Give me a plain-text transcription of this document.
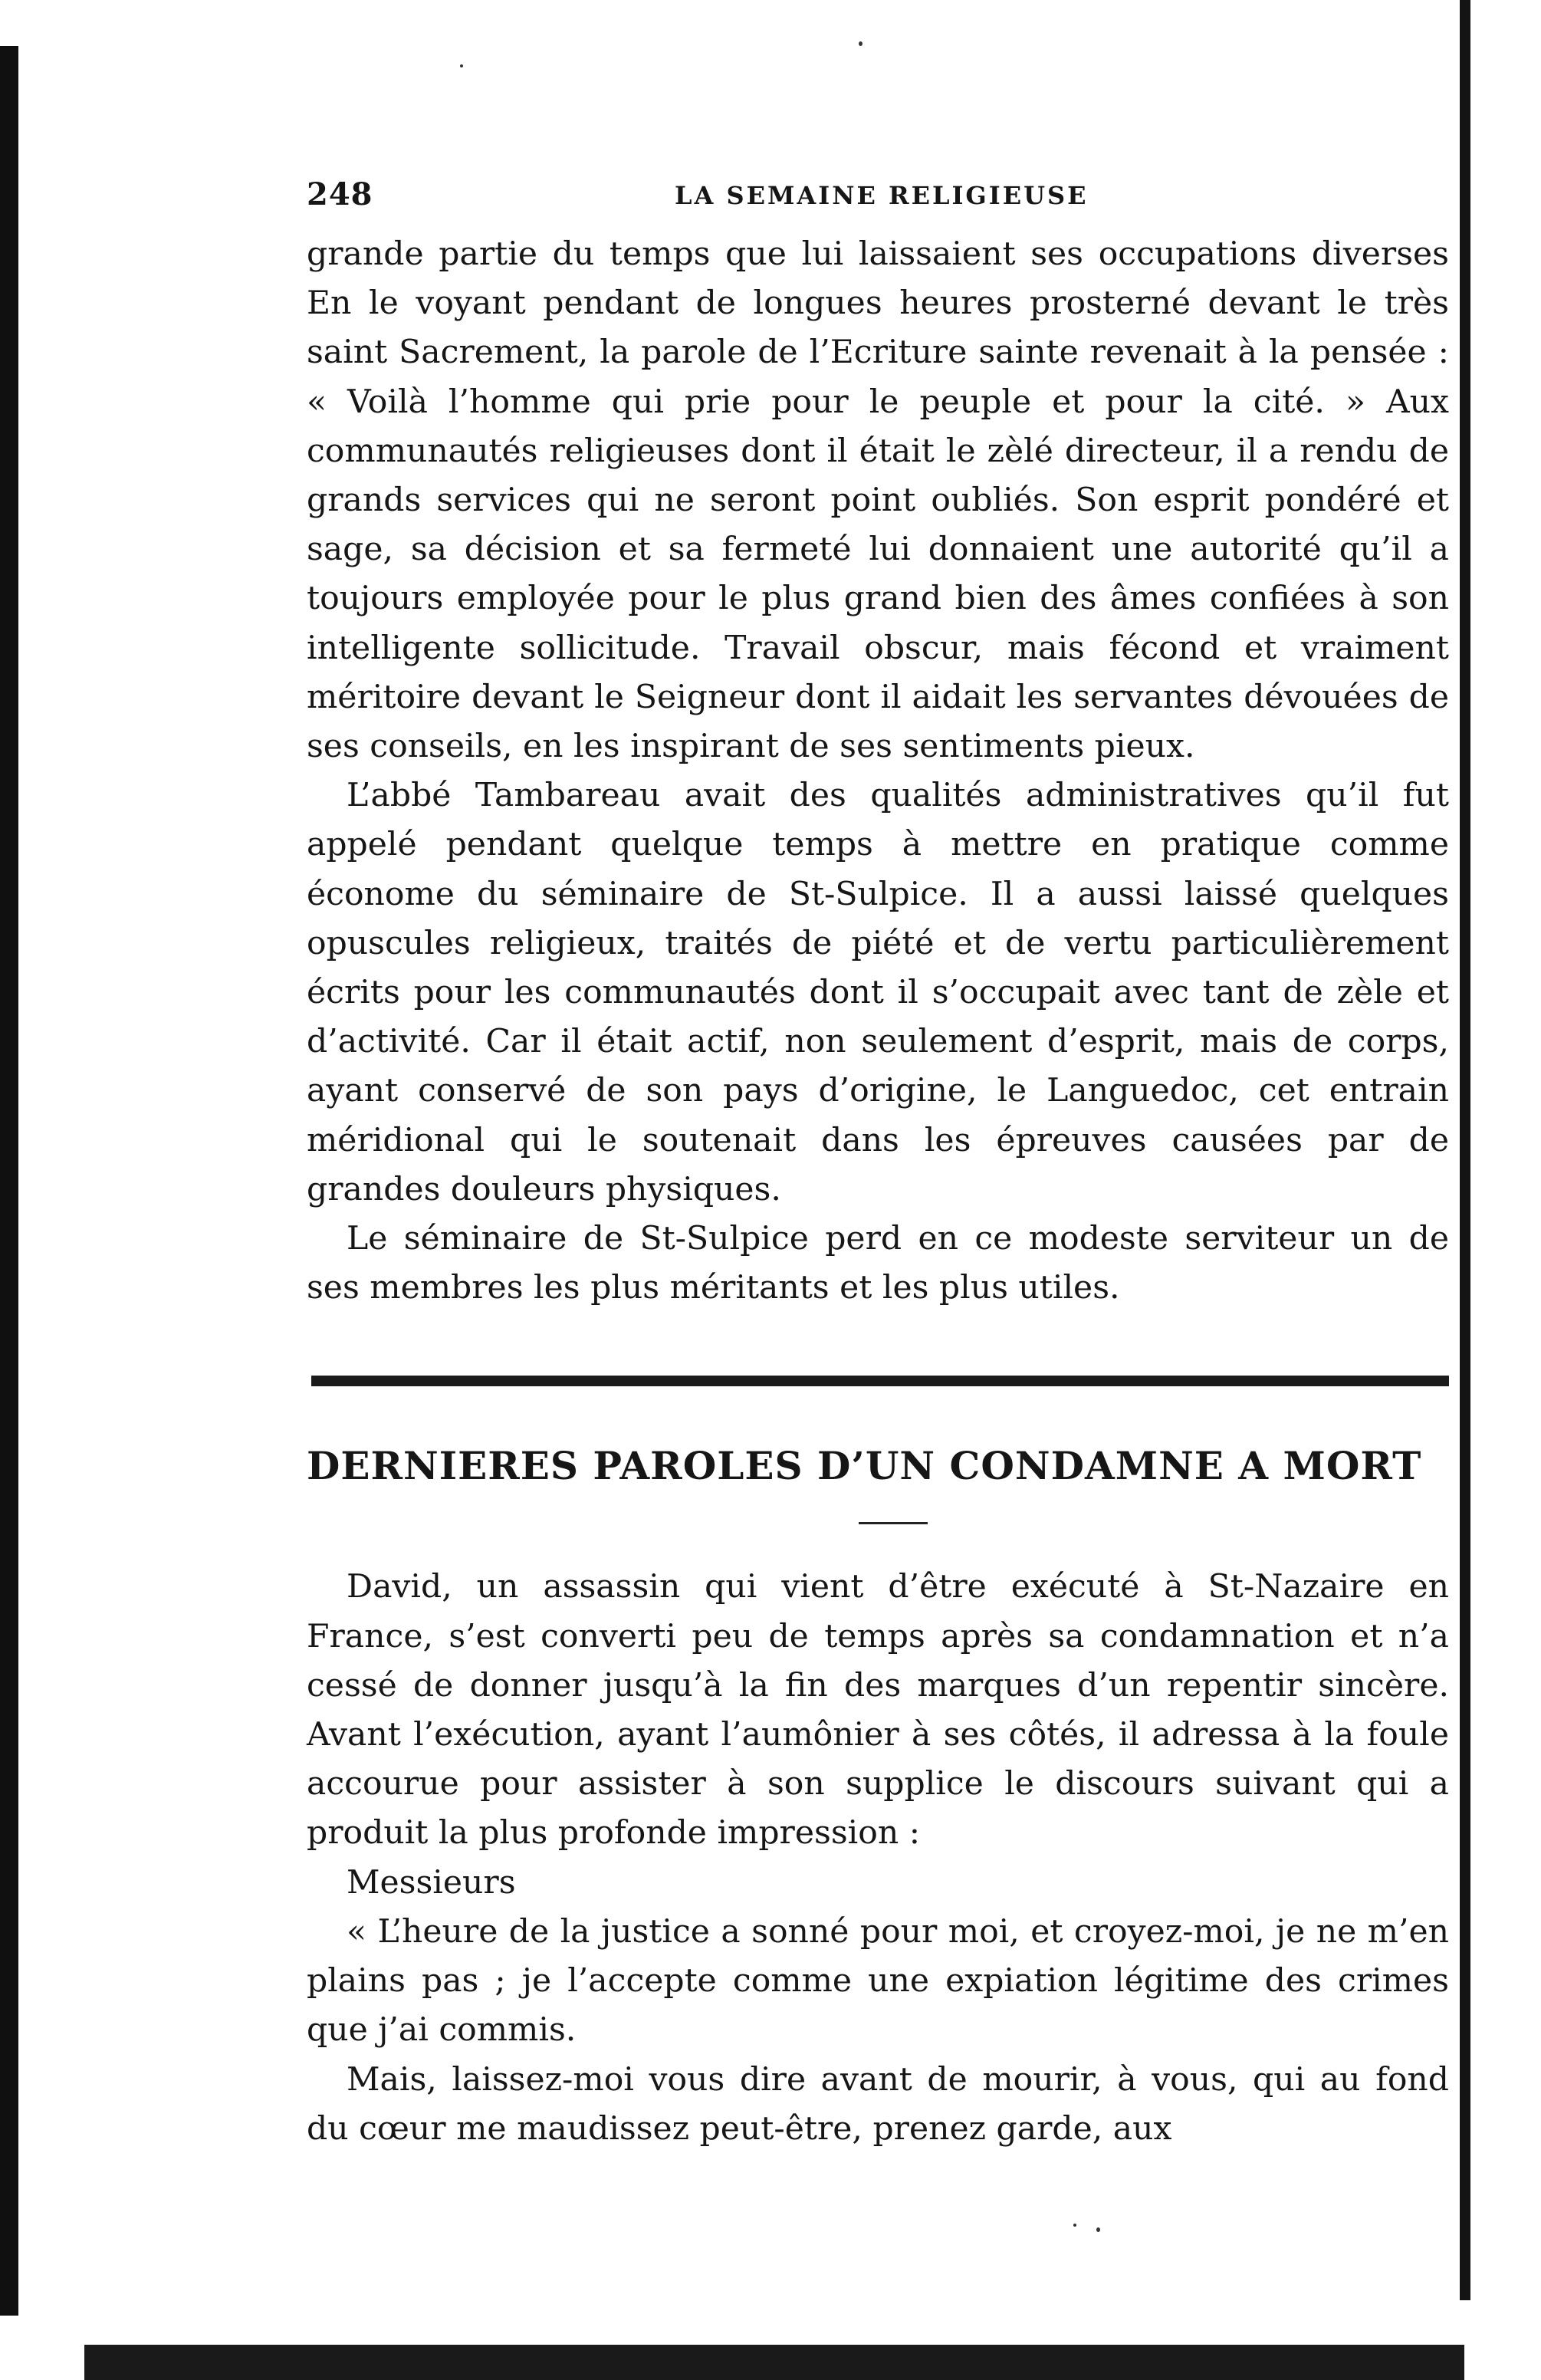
248	LA SEMAINE RELIGIEUSE

grande partie du temps que lui laissaient ses occupations diverses En le voyant pendant de longues heures prosterné devant le très saint Sacrement, la parole de l’Ecriture sainte revenait à la pensée : « Voilà l’homme qui prie pour le peuple et pour la cité. » Aux communautés religieuses dont il était le zèlé directeur, il a rendu de grands services qui ne seront point oubliés. Son esprit pondéré et sage, sa décision et sa fermeté lui donnaient une autorité qu’il a toujours employée pour le plus grand bien des âmes confiées à son intelligente sollicitude. Travail obscur, mais fécond et vraiment méritoire devant le Seigneur dont il aidait les servantes dévouées de ses conseils, en les inspirant de ses sentiments pieux.

L’abbé Tambareau avait des qualités administratives qu’il fut appelé pendant quelque temps à mettre en pratique comme économe du séminaire de St-Sulpice. Il a aussi laissé quelques opuscules religieux, traités de piété et de vertu particulièrement écrits pour les communautés dont il s’occupait avec tant de zèle et d’activité. Car il était actif, non seulement d’esprit, mais de corps, ayant conservé de son pays d’origine, le Languedoc, cet entrain méridional qui le soutenait dans les épreuves causées par de grandes douleurs physiques.

Le séminaire de St-Sulpice perd en ce modeste serviteur un de ses membres les plus méritants et les plus utiles.

DERNIERES PAROLES D’UN CONDAMNE A MORT

David, un assassin qui vient d’être exécuté à St-Nazaire en France, s’est converti peu de temps après sa condamnation et n’a cessé de donner jusqu’à la fin des marques d’un repentir sincère. Avant l’exécution, ayant l’aumônier à ses côtés, il adressa à la foule accourue pour assister à son supplice le discours suivant qui a produit la plus profonde impression :

Messieurs

« L’heure de la justice a sonné pour moi, et croyez-moi, je ne m’en plains pas ; je l’accepte comme une expiation légitime des crimes que j’ai commis.

Mais, laissez-moi vous dire avant de mourir, à vous, qui au fond du cœur me maudissez peut-être, prenez garde, aux
